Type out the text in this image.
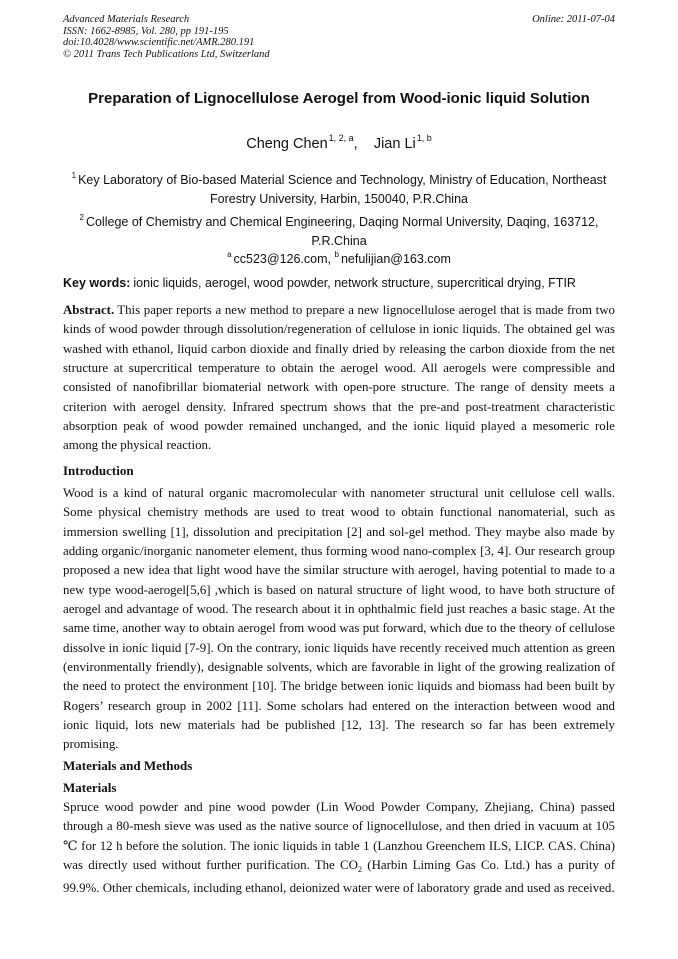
Advanced Materials Research
ISSN: 1662-8985, Vol. 280, pp 191-195
doi:10.4028/www.scientific.net/AMR.280.191
© 2011 Trans Tech Publications Ltd, Switzerland
Online: 2011-07-04
Preparation of Lignocellulose Aerogel from Wood-ionic liquid Solution
Cheng Chen$^{1, 2, a}$,    Jian Li$^{1, b}$
$^1$ Key Laboratory of Bio-based Material Science and Technology, Ministry of Education, Northeast Forestry University, Harbin, 150040, P.R.China
$^2$ College of Chemistry and Chemical Engineering, Daqing Normal University, Daqing, 163712, P.R.China
$^a$ cc523@126.com, $^b$ nefulijian@163.com
Key words: ionic liquids, aerogel, wood powder, network structure, supercritical drying, FTIR
Abstract. This paper reports a new method to prepare a new lignocellulose aerogel that is made from two kinds of wood powder through dissolution/regeneration of cellulose in ionic liquids. The obtained gel was washed with ethanol, liquid carbon dioxide and finally dried by releasing the carbon dioxide from the net structure at supercritical temperature to obtain the aerogel wood. All aerogels were compressible and consisted of nanofibrillar biomaterial network with open-pore structure. The range of density meets a criterion with aerogel density. Infrared spectrum shows that the pre-and post-treatment characteristic absorption peak of wood powder remained unchanged, and the ionic liquid played a mesomeric role among the physical reaction.
Introduction
Wood is a kind of natural organic macromolecular with nanometer structural unit cellulose cell walls. Some physical chemistry methods are used to treat wood to obtain functional nanomaterial, such as immersion swelling [1], dissolution and precipitation [2] and sol-gel method. They maybe also made by adding organic/inorganic nanometer element, thus forming wood nano-complex [3, 4]. Our research group proposed a new idea that light wood have the similar structure with aerogel, having potential to made to a new type wood-aerogel[5,6] ,which is based on natural structure of light wood, to have both structure of aerogel and advantage of wood. The research about it in ophthalmic field just reaches a basic stage. At the same time, another way to obtain aerogel from wood was put forward, which due to the theory of cellulose dissolve in ionic liquid [7-9]. On the contrary, ionic liquids have recently received much attention as green (environmentally friendly), designable solvents, which are favorable in light of the growing realization of the need to protect the environment [10]. The bridge between ionic liquids and biomass had been built by Rogers’ research group in 2002 [11]. Some scholars had entered on the interaction between wood and ionic liquid, lots new materials had be published [12, 13]. The research so far has been extremely promising.
Materials and Methods
Materials
Spruce wood powder and pine wood powder (Lin Wood Powder Company, Zhejiang, China) passed through a 80-mesh sieve was used as the native source of lignocellulose, and then dried in vacuum at 105 ℃ for 12 h before the solution. The ionic liquids in table 1 (Lanzhou Greenchem ILS, LICP. CAS. China) was directly used without further purification. The $CO_2$ (Harbin Liming Gas Co. Ltd.) has a purity of 99.9%. Other chemicals, including ethanol, deionized water were of laboratory grade and used as received.
